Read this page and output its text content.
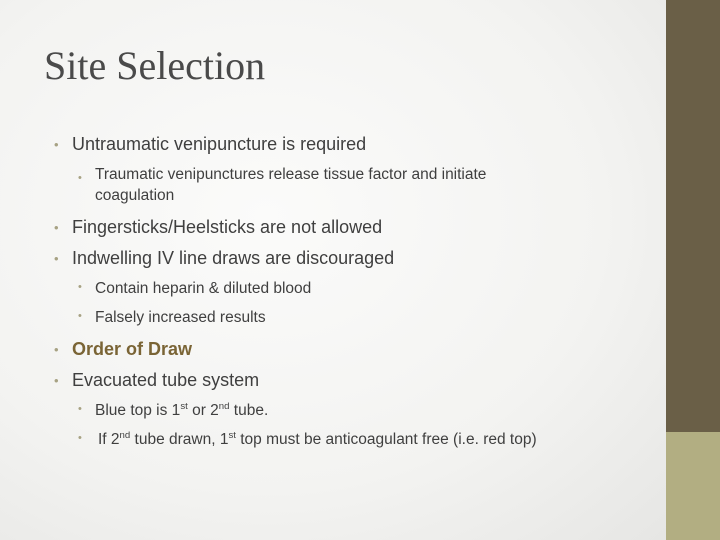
Site Selection
• Untraumatic venipuncture is required
• Traumatic venipunctures release tissue factor and initiate
coagulation
• Fingersticks/Heelsticks are not allowed
• Indwelling IV line draws are discouraged
• Contain heparin & diluted blood
• Falsely increased results
• Order of Draw
• Evacuated tube system
• Blue top is 1st or 2nd tube.
• If 2nd tube drawn, 1st top must be anticoagulant free (i.e. red top)
